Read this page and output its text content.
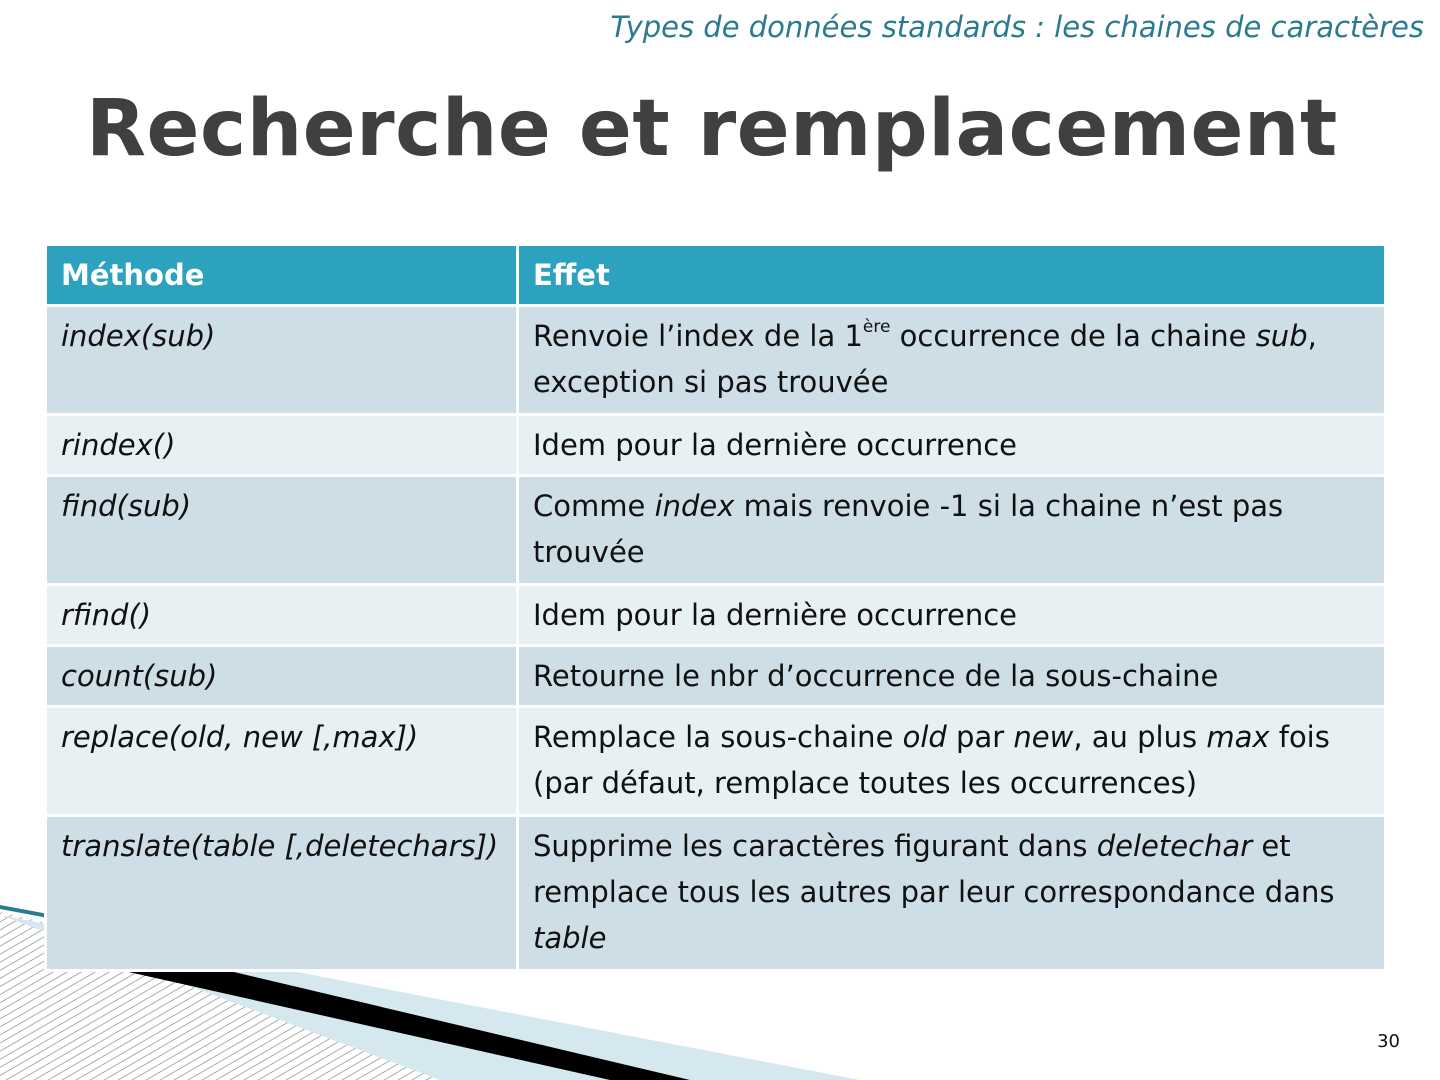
Types de données standards : les chaines de caractères
Recherche et remplacement
Méthode	Effet
index(sub)	Renvoie l’index de la 1ère occurrence de la chaine sub, exception si pas trouvée
rindex()	Idem pour la dernière occurrence
find(sub)	Comme index mais renvoie -1 si la chaine n’est pas trouvée
rfind()	Idem pour la dernière occurrence
count(sub)	Retourne le nbr d’occurrence de la sous-chaine
replace(old, new [,max])	Remplace la sous-chaine old par new, au plus max fois (par défaut, remplace toutes les occurrences)
translate(table [,deletechars])	Supprime les caractères figurant dans deletechar et remplace tous les autres par leur correspondance dans table
30
